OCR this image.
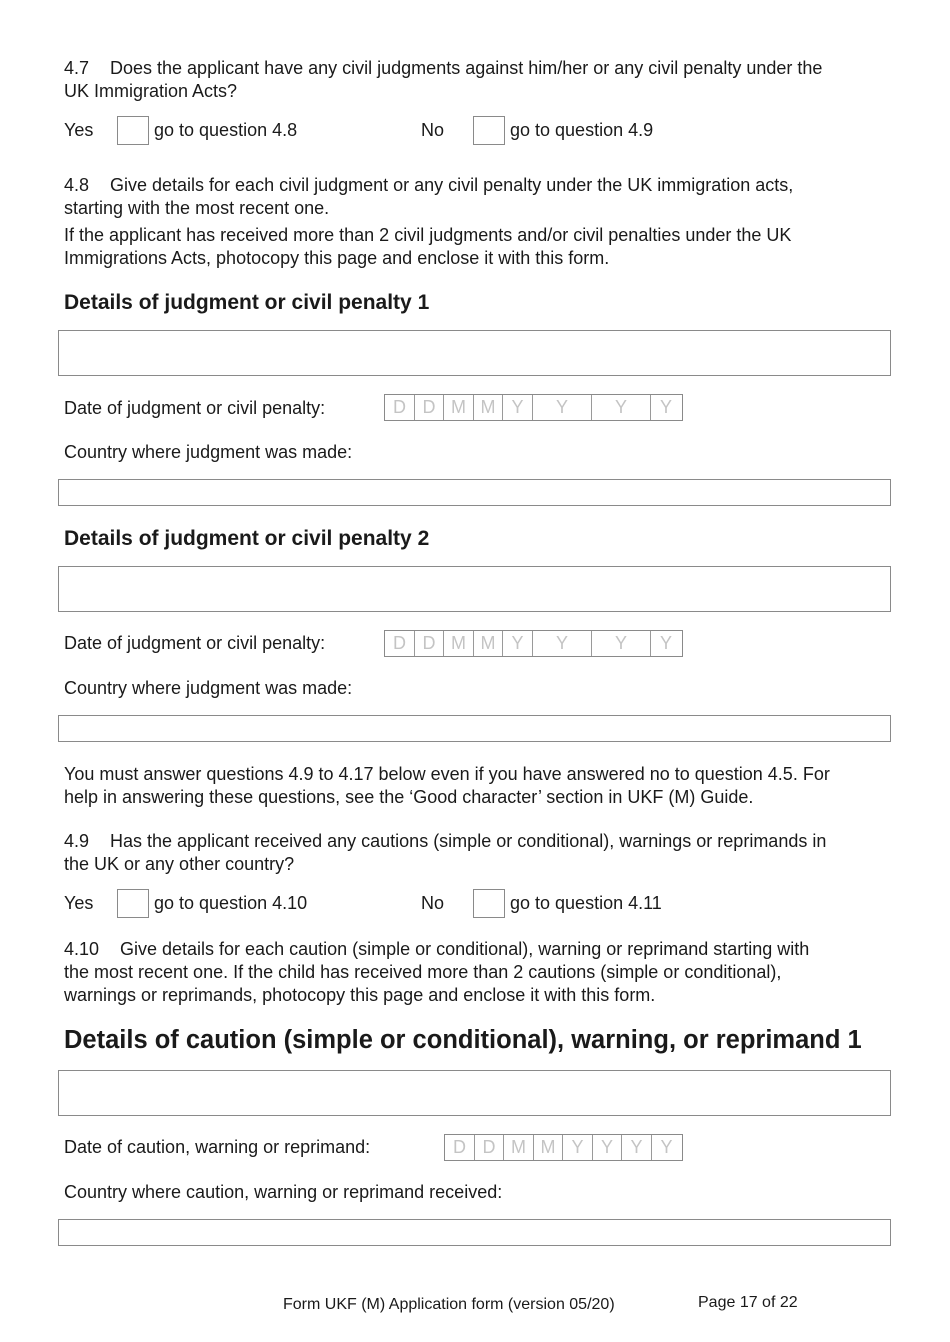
4.7 Does the applicant have any civil judgments against him/her or any civil penalty under the
UK Immigration Acts?
Yes	go to question 4.8	No	go to question 4.9
4.8 Give details for each civil judgment or any civil penalty under the UK immigration acts,
starting with the most recent one.

If the applicant has received more than 2 civil judgments and/or civil penalties under the UK
Immigrations Acts, photocopy this page and enclose it with this form.
Details of judgment or civil penalty 1
Date of judgment or civil penalty:	D D M M Y	Y	Y	Y
Country where judgment was made:
Details of judgment or civil penalty 2
Date of judgment or civil penalty:	D D M M Y	Y	Y	Y
Country where judgment was made:
You must answer questions 4.9 to 4.17 below even if you have answered no to question 4.5. For
help in answering these questions, see the ‘Good character’ section in UKF (M) Guide.
4.9 Has the applicant received any cautions (simple or conditional), warnings or reprimands in
the UK or any other country?
Yes	go to question 4.10	No	go to question 4.11
4.10 Give details for each caution (simple or conditional), warning or reprimand starting with
the most recent one. If the child has received more than 2 cautions (simple or conditional),
warnings or reprimands, photocopy this page and enclose it with this form.
Details of caution (simple or conditional), warning, or reprimand 1
Date of caution, warning or reprimand:	D D M M Y Y Y Y
Country where caution, warning or reprimand received:
Form UKF (M) Application form (version 05/20)	Page 17 of 22
